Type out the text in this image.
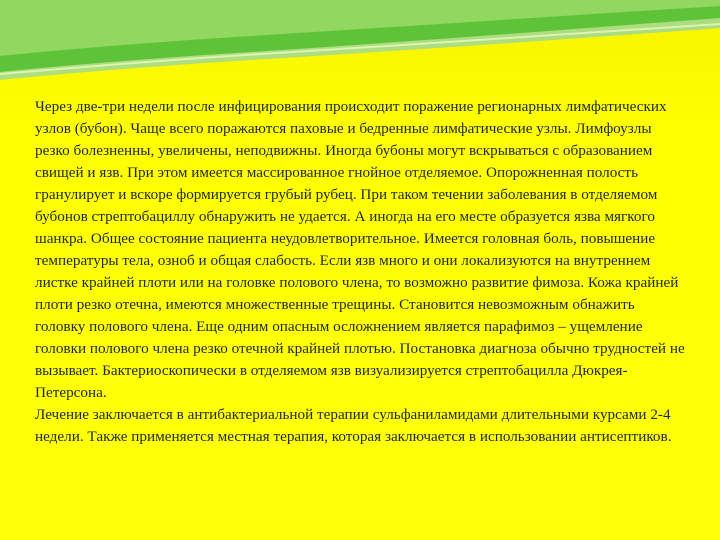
Через две-три недели после инфицирования происходит поражение регионарных лимфатических узлов (бубон). Чаще всего поражаются паховые и бедренные лимфатические узлы. Лимфоузлы резко болезненны, увеличены, неподвижны. Иногда бубоны могут вскрываться с образованием свищей и язв. При этом имеется массированное гнойное отделяемое. Опорожненная полость гранулирует и вскоре формируется грубый рубец. При таком течении заболевания в отделяемом бубонов стрептобациллу обнаружить не удается. А иногда на его месте образуется язва мягкого шанкра. Общее состояние пациента неудовлетворительное. Имеется головная боль, повышение температуры тела, озноб и общая слабость. Если язв много и они локализуются на внутреннем листке крайней плоти или на головке полового члена, то возможно развитие фимоза. Кожа крайней плоти резко отечна, имеются множественные трещины. Становится невозможным обнажить головку полового члена. Еще одним опасным осложнением является парафимоз – ущемление головки полового члена резко отечной крайней плотью. Постановка диагноза обычно трудностей не вызывает. Бактериоскопически в отделяемом язв визуализируется стрептобацилла Дюкрея-Петерсона.

Лечение заключается в антибактериальной терапии сульфаниламидами длительными курсами 2-4 недели. Также применяется местная терапия, которая заключается в использовании антисептиков.
